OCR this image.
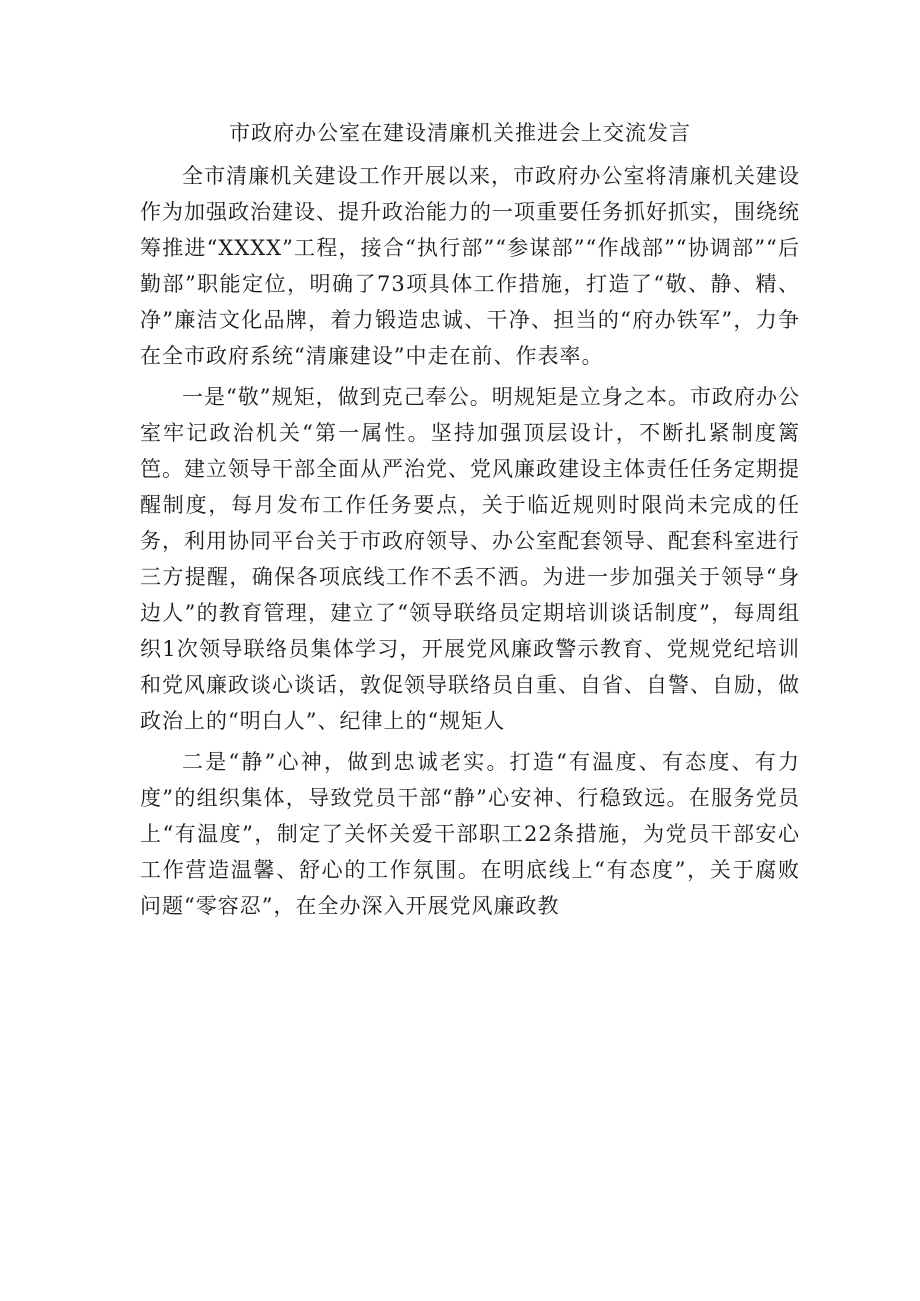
市政府办公室在建设清廉机关推进会上交流发言

全市清廉机关建设工作开展以来，市政府办公室将清廉机关建设作为加强政治建设、提升政治能力的一项重要任务抓好抓实，围绕统筹推进“XXXX”工程，接合“执行部”“参谋部”“作战部”“协调部”“后勤部”职能定位，明确了73项具体工作措施，打造了“敬、静、精、净”廉洁文化品牌，着力锻造忠诚、干净、担当的“府办铁军”，力争在全市政府系统“清廉建设”中走在前、作表率。

一是“敬”规矩，做到克己奉公。明规矩是立身之本。市政府办公室牢记政治机关“第一属性。坚持加强顶层设计，不断扎紧制度篱笆。建立领导干部全面从严治党、党风廉政建设主体责任任务定期提醒制度，每月发布工作任务要点，关于临近规则时限尚未完成的任务，利用协同平台关于市政府领导、办公室配套领导、配套科室进行三方提醒，确保各项底线工作不丢不洒。为进一步加强关于领导“身边人”的教育管理，建立了“领导联络员定期培训谈话制度”，每周组织1次领导联络员集体学习，开展党风廉政警示教育、党规党纪培训和党风廉政谈心谈话，敦促领导联络员自重、自省、自警、自励，做政治上的“明白人”、纪律上的“规矩人

二是“静”心神，做到忠诚老实。打造“有温度、有态度、有力度”的组织集体，导致党员干部“静”心安神、行稳致远。在服务党员上“有温度”，制定了关怀关爱干部职工22条措施，为党员干部安心工作营造温馨、舒心的工作氛围。在明底线上“有态度”，关于腐败问题“零容忍”，在全办深入开展党风廉政教
